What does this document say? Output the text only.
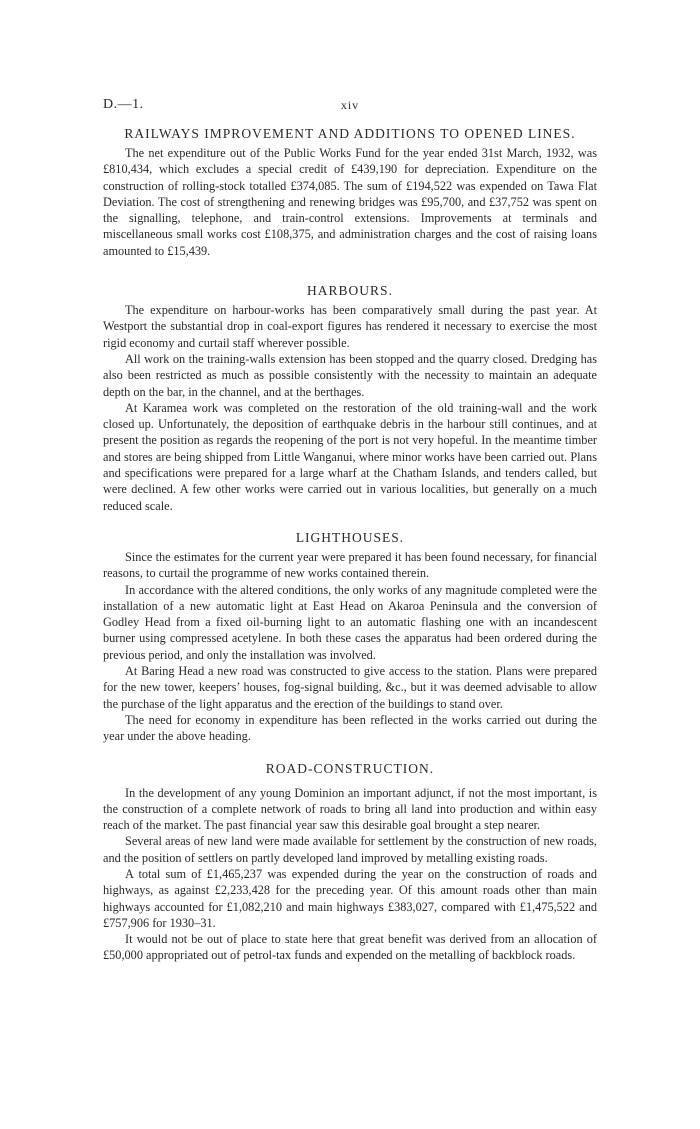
D.—1.	xiv
RAILWAYS IMPROVEMENT AND ADDITIONS TO OPENED LINES.

The net expenditure out of the Public Works Fund for the year ended 31st March, 1932, was £810,434, which excludes a special credit of £439,190 for depreciation. Expenditure on the construction of rolling-stock totalled £374,085. The sum of £194,522 was expended on Tawa Flat Deviation. The cost of strengthening and renewing bridges was £95,700, and £37,752 was spent on the signalling, telephone, and train-control extensions. Improvements at terminals and miscellaneous small works cost £108,375, and administration charges and the cost of raising loans amounted to £15,439.

HARBOURS.

The expenditure on harbour-works has been comparatively small during the past year. At Westport the substantial drop in coal-export figures has rendered it necessary to exercise the most rigid economy and curtail staff wherever possible.

All work on the training-walls extension has been stopped and the quarry closed. Dredging has also been restricted as much as possible consistently with the necessity to maintain an adequate depth on the bar, in the channel, and at the berthages.

At Karamea work was completed on the restoration of the old training-wall and the work closed up. Unfortunately, the deposition of earthquake debris in the harbour still continues, and at present the position as regards the reopening of the port is not very hopeful. In the meantime timber and stores are being shipped from Little Wanganui, where minor works have been carried out. Plans and specifications were prepared for a large wharf at the Chatham Islands, and tenders called, but were declined. A few other works were carried out in various localities, but generally on a much reduced scale.

LIGHTHOUSES.

Since the estimates for the current year were prepared it has been found necessary, for financial reasons, to curtail the programme of new works contained therein.

In accordance with the altered conditions, the only works of any magnitude completed were the installation of a new automatic light at East Head on Akaroa Peninsula and the conversion of Godley Head from a fixed oil-burning light to an automatic flashing one with an incandescent burner using compressed acetylene. In both these cases the apparatus had been ordered during the previous period, and only the installation was involved.

At Baring Head a new road was constructed to give access to the station. Plans were prepared for the new tower, keepers’ houses, fog-signal building, &c., but it was deemed advisable to allow the purchase of the light apparatus and the erection of the buildings to stand over.

The need for economy in expenditure has been reflected in the works carried out during the year under the above heading.

ROAD-CONSTRUCTION.

In the development of any young Dominion an important adjunct, if not the most important, is the construction of a complete network of roads to bring all land into production and within easy reach of the market. The past financial year saw this desirable goal brought a step nearer.

Several areas of new land were made available for settlement by the construction of new roads, and the position of settlers on partly developed land improved by metalling existing roads.

A total sum of £1,465,237 was expended during the year on the construction of roads and highways, as against £2,233,428 for the preceding year. Of this amount roads other than main highways accounted for £1,082,210 and main highways £383,027, compared with £1,475,522 and £757,906 for 1930–31.

It would not be out of place to state here that great benefit was derived from an allocation of £50,000 appropriated out of petrol-tax funds and expended on the metalling of backblock roads.
